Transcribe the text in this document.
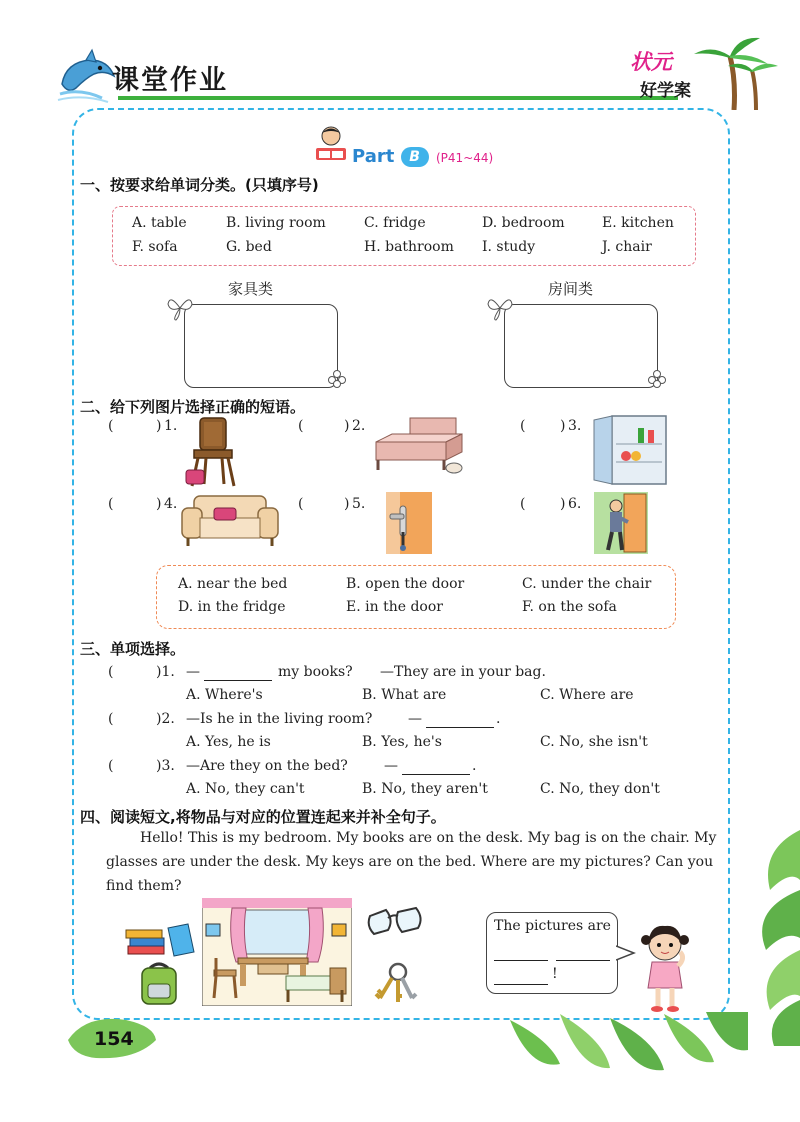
课堂作业
状元
好学案
Part B	(P41~44)
一、按要求给单词分类。(只填序号)
A. table	B. living room	C. fridge	D. bedroom	E. kitchen
F. sofa	G. bed	H. bathroom I. study	J. chair
家具类	房间类
二、给下列图片选择正确的短语。
(	) 1.	(	) 2.	( ) 3.
(	) 4.	(	) 5.	( ) 6.
A. near the bed	B. open the door	C. under the chair
D. in the fridge	E. in the door	F. on the sofa
三、单项选择。
(	)1. —	my books? —They are in your bag.
A. Where's	B. What are	C. Where are
(	)2. —Is he in the living room?	—	.
A. Yes, he is	B. Yes, he's	C. No, she isn't
(	)3. —Are they on the bed?	—	.
A. No, they can't	B. No, they aren't	C. No, they don't
四、阅读短文,将物品与对应的位置连起来并补全句子。
Hello! This is my bedroom. My books are on the desk. My bag is on the chair. My
glasses are under the desk. My keys are on the bed. Where are my pictures? Can you
find them?
The pictures are
!
154
